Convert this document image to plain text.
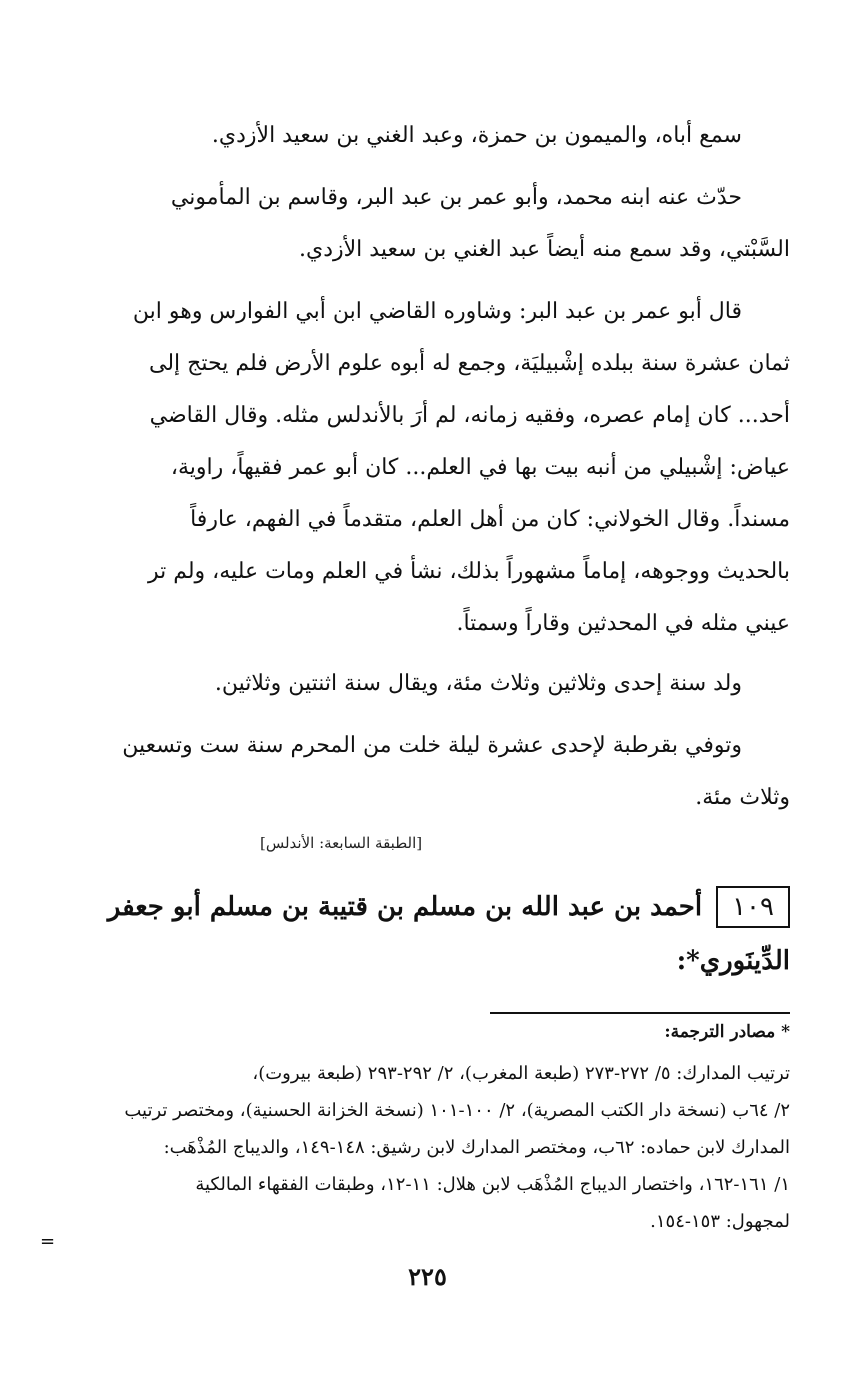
سمع أباه، والميمون بن حمزة، وعبد الغني بن سعيد الأزدي.
حدّث عنه ابنه محمد، وأبو عمر بن عبد البر، وقاسم بن المأموني
السَّبْتي، وقد سمع منه أيضاً عبد الغني بن سعيد الأزدي.
قال أبو عمر بن عبد البر: وشاوره القاضي ابن أبي الفوارس وهو ابن
ثمان عشرة سنة ببلده إشْبيليَة، وجمع له أبوه علوم الأرض فلم يحتج إلى
أحد... كان إمام عصره، وفقيه زمانه، لم أرَ بالأندلس مثله. وقال القاضي
عياض: إشْبيلي من أنبه بيت بها في العلم... كان أبو عمر فقيهاً، راوية،
مسنداً. وقال الخولاني: كان من أهل العلم، متقدماً في الفهم، عارفاً
بالحديث ووجوهه، إماماً مشهوراً بذلك، نشأ في العلم ومات عليه، ولم تر
عيني مثله في المحدثين وقاراً وسمتاً.
ولد سنة إحدى وثلاثين وثلاث مئة، ويقال سنة اثنتين وثلاثين.
وتوفي بقرطبة لإحدى عشرة ليلة خلت من المحرم سنة ست وتسعين
وثلاث مئة.
[الطبقة السابعة: الأندلس]
١٠٩أحمد بن عبد الله بن مسلم بن قتيبة بن مسلم أبو جعفر
الدِّينَوري*:
* مصادر الترجمة:
ترتيب المدارك: ٥/ ٢٧٢-٢٧٣ (طبعة المغرب)، ٢/ ٢٩٢-٢٩٣ (طبعة بيروت)،
٢/ ٦٤ب (نسخة دار الكتب المصرية)، ٢/ ١٠٠-١٠١ (نسخة الخزانة الحسنية)، ومختصر ترتيب
المدارك لابن حماده: ٦٢ب، ومختصر المدارك لابن رشيق: ١٤٨-١٤٩، والديباج المُذْهَب:
١/ ١٦١-١٦٢، واختصار الديباج المُذْهَب لابن هلال: ١١-١٢، وطبقات الفقهاء المالكية
لمجهول: ١٥٣-١٥٤.
=
٢٢٥
